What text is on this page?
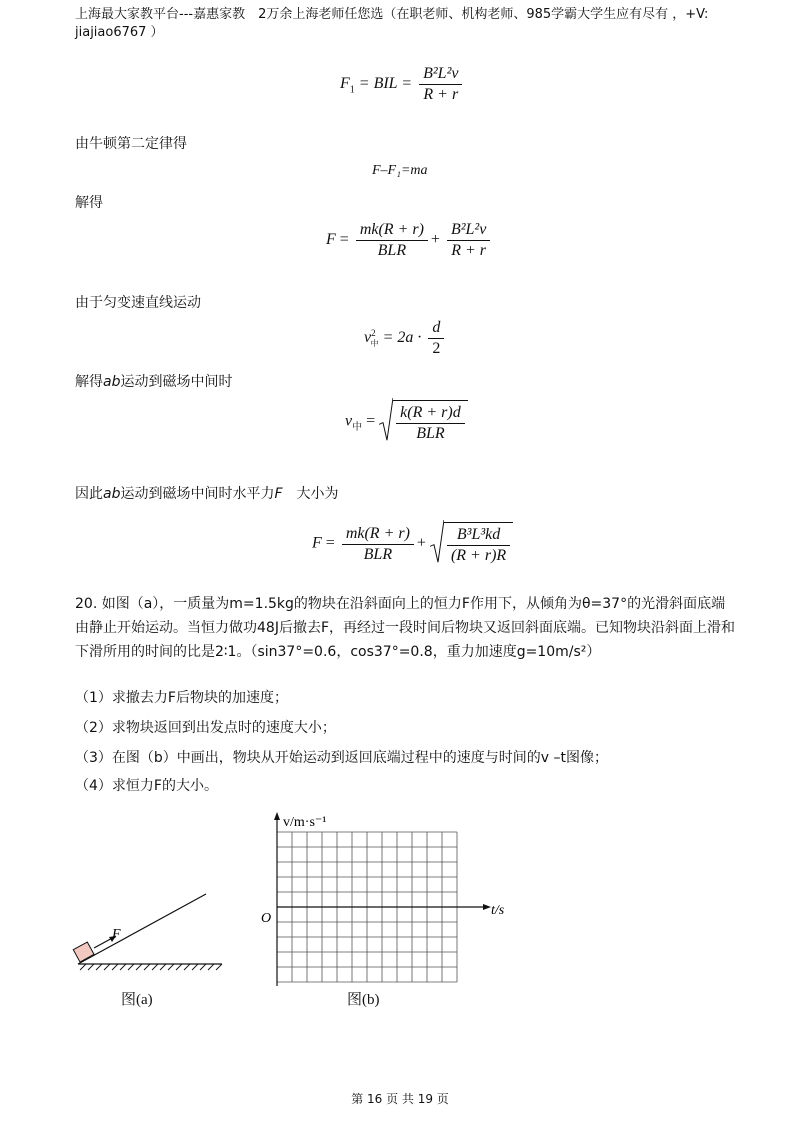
上海最大家教平台---嘉惠家教　2万余上海老师任您选（在职老师、机构老师、985学霸大学生应有尽有 ，+V: jiajiao6767 ）
$F_1$ = BIL = $\frac{\text{B²L²v}}{R + r}$
由牛顿第二定律得
F–F₁=ma
解得
$F = \frac{mk(R + r)}{\text{BLR}} + \frac{\text{B²L²v}}{R + r}$
由于匀变速直线运动
$v^2_中 = 2a \cdot \frac{d}{2}$
解得ab运动到磁场中间时
$v_中 = \frac{k(R + r)d}{\text{BLR}}$
因此ab运动到磁场中间时水平力F　大小为
$F = \frac{mk(R + r)}{\text{BLR}} + \frac{\text{B³L³kd}}{(R + r)R}$
20. 如图（a），一质量为m=1.5kg的物块在沿斜面向上的恒力F作用下，从倾角为θ=37°的光滑斜面底端由静止开始运动。当恒力做功48J后撤去F，再经过一段时间后物块又返回斜面底端。已知物块沿斜面上滑和下滑所用的时间的比是2∶1。（sin37°=0.6，cos37°=0.8，重力加速度g=10m/s²）
（1）求撤去力F后物块的加速度；
（2）求物块返回到出发点时的速度大小；
（3）在图（b）中画出，物块从开始运动到返回底端过程中的速度与时间的v –t图像；
（4）求恒力F的大小。
F
图(a)
v/m·s⁻¹
t/s
O
图(b)
第 16 页 共 19 页
